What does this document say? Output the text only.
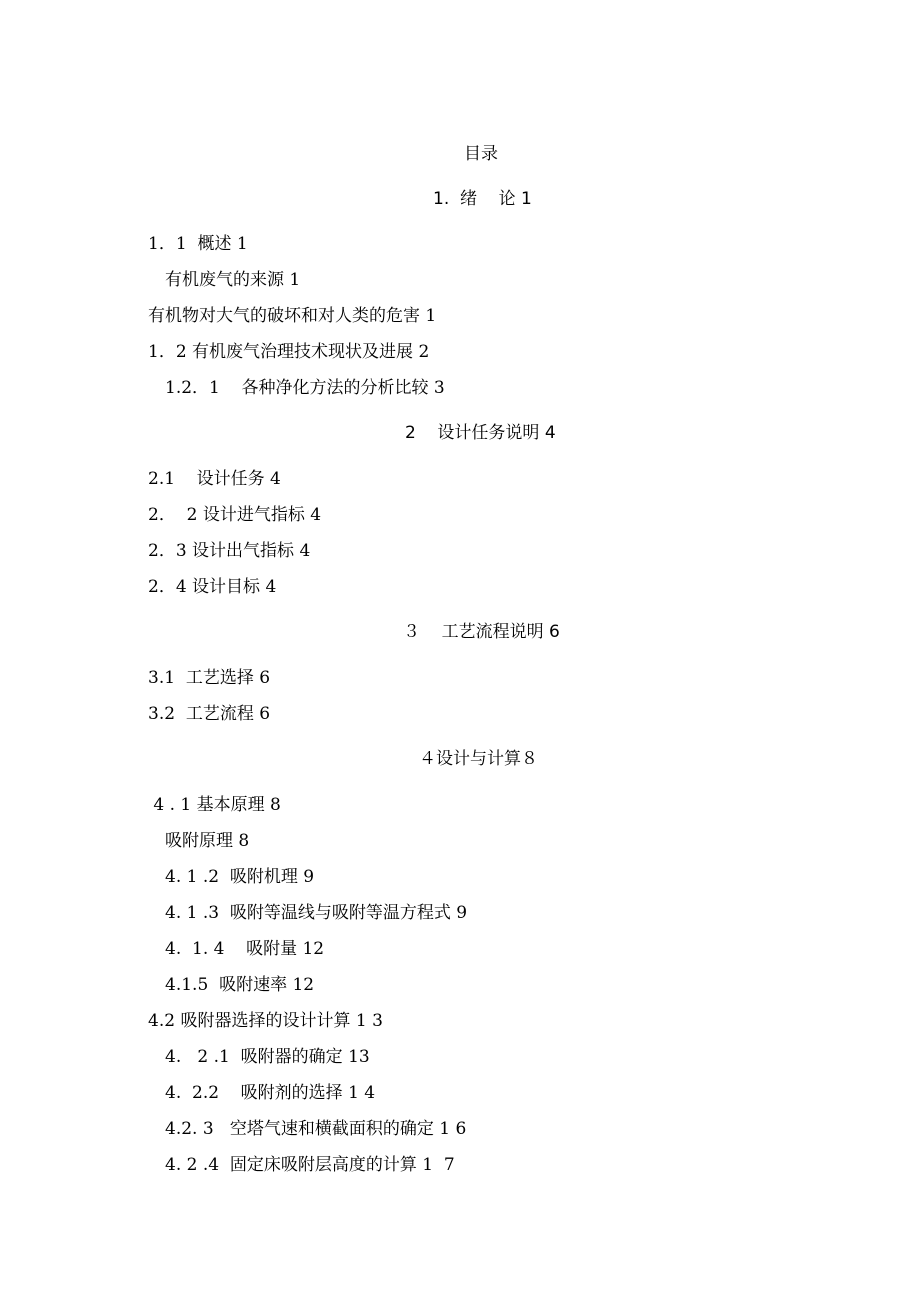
目录
1.  绪    论 1
1．1  概述 1
有机废气的来源 1
有机物对大气的破坏和对人类的危害 1
1．2 有机废气治理技术现状及进展 2
1.2．1    各种净化方法的分析比较 3
2    设计任务说明 4
2.1    设计任务 4
2．  2 设计进气指标 4
2．3 设计出气指标 4
2．4 设计目标 4
３    工艺流程说明 6
3.1  工艺选择 6
3.2  工艺流程 6
４设计与计算８
4 . 1 基本原理 8
吸附原理 8
4. 1 .2  吸附机理 9
4. 1 .3  吸附等温线与吸附等温方程式 9
4.  1. 4    吸附量 12
4.1.5  吸附速率 12
4.2 吸附器选择的设计计算 1 3
4.   2 .1  吸附器的确定 13
4.  2.2    吸附剂的选择 1 4
4.2. 3   空塔气速和横截面积的确定 1 6
4. 2 .4  固定床吸附层高度的计算 1  7
